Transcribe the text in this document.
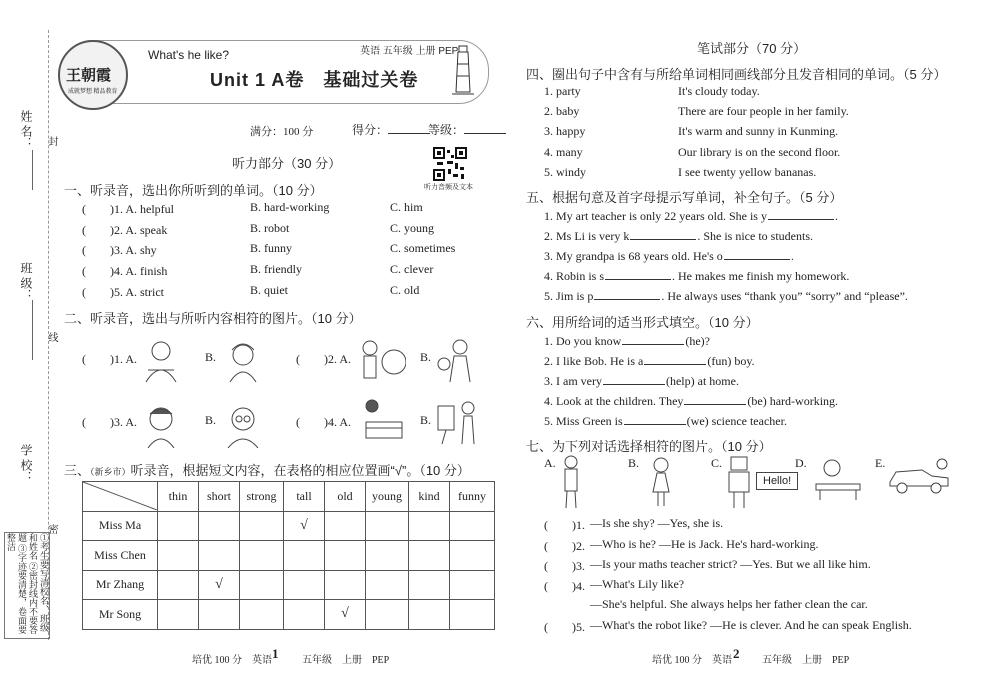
姓 名：
班 级：
学 校：
封
线
密
①考生要写清校名、班级和姓名 ②密封线内不要答题 ③字迹要清楚，卷面要整洁
王朝霞
成就梦想 精品教育
What's he like?	英语 五年级 上册 PEP
Unit 1 A卷　基础过关卷
满分：100 分	得分：	等级：
听力部分（30 分）
听力音频及文本
一、听录音，选出你所听到的单词。（10 分）
(　　)1. A. helpful	B. hard-working	C. him
(　　)2. A. speak	B. robot	C. young
(　　)3. A. shy	B. funny	C. sometimes
(　　)4. A. finish	B. friendly	C. clever
(　　)5. A. strict	B. quiet	C. old
二、听录音，选出与所听内容相符的图片。（10 分）
(　　)1. A.	B.	(　　)2. A.	B.
(　　)3. A.	B.	(　　)4. A.	B.
三、（新乡市）听录音，根据短文内容，在表格的相应位置画“√”。（10 分）
	thin	short	strong	tall	old	young	kind	funny
Miss Ma				√				
Miss Chen								
Mr Zhang		√						
Mr Song					√			
笔试部分（70 分）
四、圈出句子中含有与所给单词相同画线部分且发音相同的单词。（5 分）
1. party	It's cloudy today.
2. baby	There are four people in her family.
3. happy	It's warm and sunny in Kunming.
4. many	Our library is on the second floor.
5. windy	I see twenty yellow bananas.
五、根据句意及首字母提示写单词，补全句子。（5 分）
1. My art teacher is only 22 years old. She is y	.
2. Ms Li is very k	. She is nice to students.
3. My grandpa is 68 years old. He's o	.
4. Robin is s	. He makes me finish my homework.
5. Jim is p	. He always uses “thank you” “sorry” and “please”.
六、用所给词的适当形式填空。（10 分）
1. Do you know	(he)?
2. I like Bob. He is a	(fun) boy.
3. I am very	(help) at home.
4. Look at the children. They	(be) hard-working.
5. Miss Green is	(we) science teacher.
七、为下列对话选择相符的图片。（10 分）
A.	B.	C.	D.	E.
Hello!
(　　)1. —Is she shy? —Yes, she is.
(　　)2. —Who is he? —He is Jack. He's hard-working.
(　　)3. —Is your maths teacher strict? —Yes. But we all like him.
(　　)4. —What's Lily like?
—She's helpful. She always helps her father clean the car.
(　　)5. —What's the robot like? —He is clever. And he can speak English.
培优 100 分　英语 1 五年级　上册　PEP	培优 100 分　英语 2 五年级　上册　PEP
